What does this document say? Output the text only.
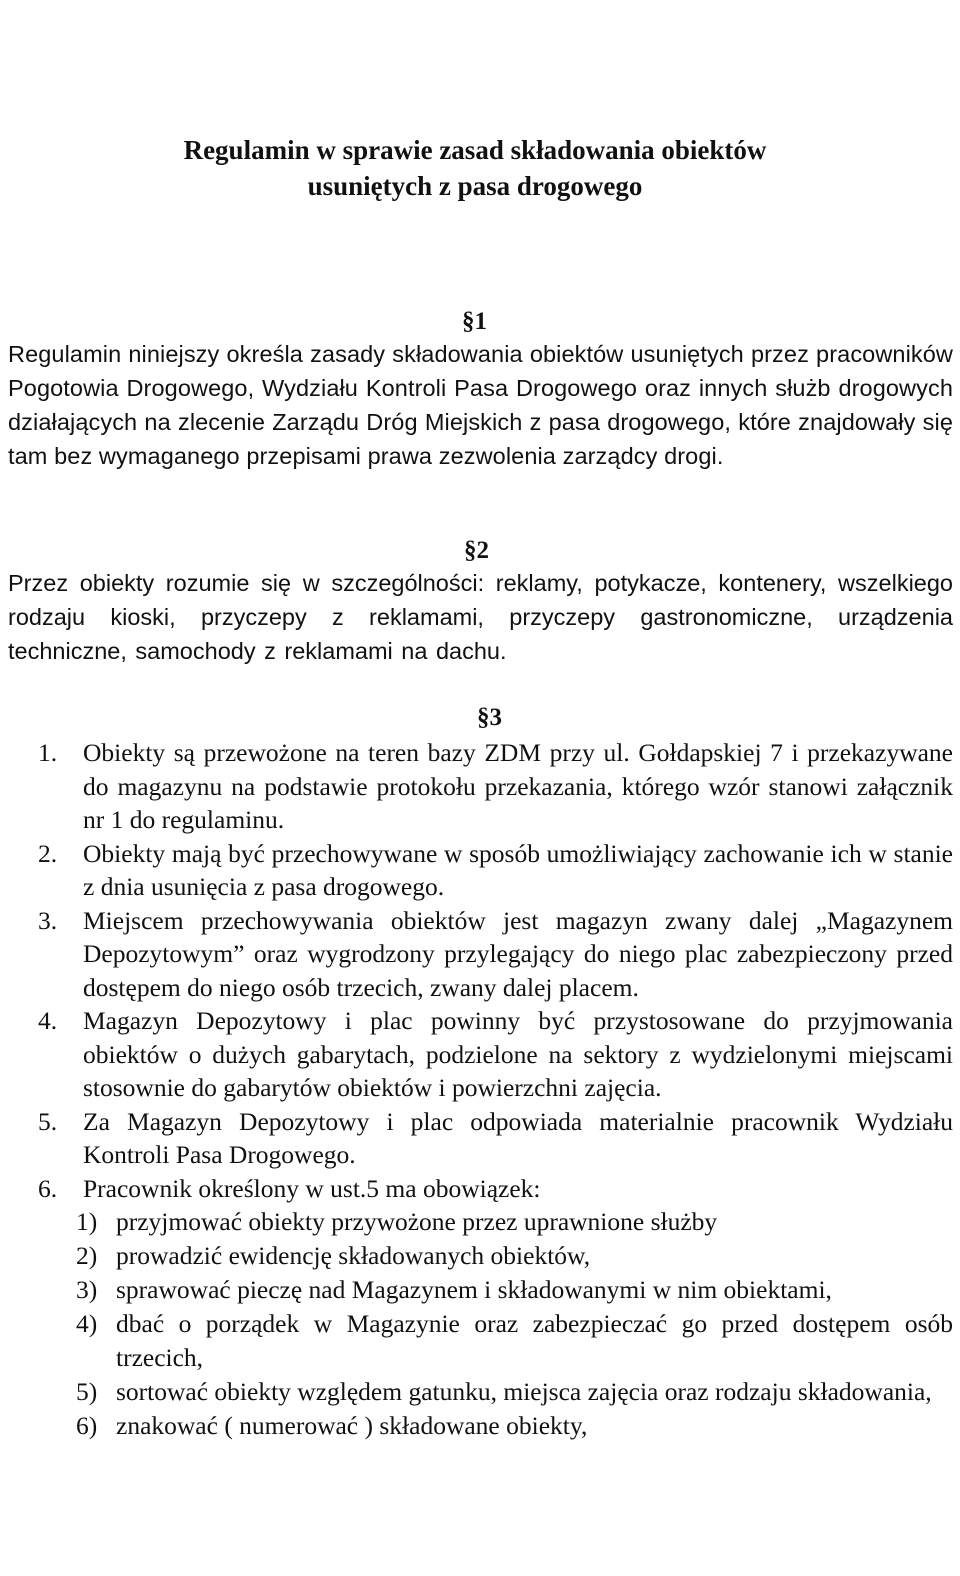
Regulamin w sprawie zasad składowania obiektów
usuniętych z pasa drogowego
§1
Regulamin niniejszy określa zasady składowania obiektów usuniętych przez pracowników Pogotowia Drogowego, Wydziału Kontroli Pasa Drogowego oraz innych służb drogowych działających na zlecenie Zarządu Dróg Miejskich z pasa drogowego, które znajdowały się tam bez wymaganego przepisami prawa zezwolenia zarządcy drogi.
§2
Przez obiekty rozumie się w szczególności: reklamy, potykacze, kontenery, wszelkiego rodzaju kioski, przyczepy z reklamami, przyczepy gastronomiczne, urządzenia techniczne, samochody z reklamami na dachu.
§3
1. Obiekty są przewożone na teren bazy ZDM przy ul. Gołdapskiej 7 i przekazywane do magazynu na podstawie protokołu przekazania, którego wzór stanowi załącznik nr 1 do regulaminu.
2. Obiekty mają być przechowywane w sposób umożliwiający zachowanie ich w stanie z dnia usunięcia z pasa drogowego.
3. Miejscem przechowywania obiektów jest magazyn zwany dalej „Magazynem Depozytowym” oraz wygrodzony przylegający do niego plac zabezpieczony przed dostępem do niego osób trzecich, zwany dalej placem.
4. Magazyn Depozytowy i plac powinny być przystosowane do przyjmowania obiektów o dużych gabarytach, podzielone na sektory z wydzielonymi miejscami stosownie do gabarytów obiektów i powierzchni zajęcia.
5. Za Magazyn Depozytowy i plac odpowiada materialnie pracownik Wydziału Kontroli Pasa Drogowego.
6. Pracownik określony w ust.5 ma obowiązek:
1) przyjmować obiekty przywożone przez uprawnione służby
2) prowadzić ewidencję składowanych obiektów,
3) sprawować pieczę nad Magazynem i składowanymi w nim obiektami,
4) dbać o porządek w Magazynie oraz zabezpieczać go przed dostępem osób trzecich,
5) sortować obiekty względem gatunku, miejsca zajęcia oraz rodzaju składowania,
6) znakować ( numerować ) składowane obiekty,
